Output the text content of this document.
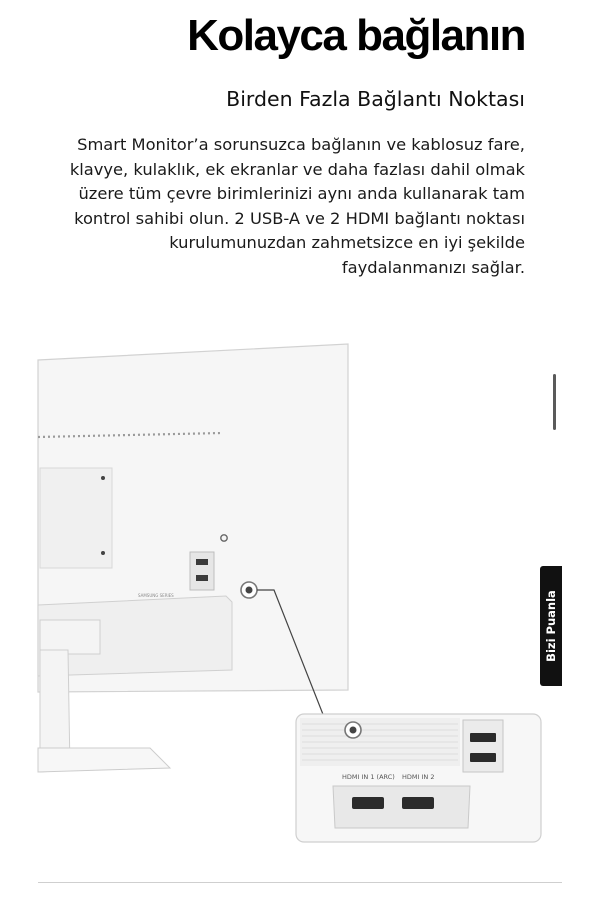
Kolayca bağlanın
Birden Fazla Bağlantı Noktası
Smart Monitor’a sorunsuzca bağlanın ve kablosuz fare, klavye, kulaklık, ek ekranlar ve daha fazlası dahil olmak üzere tüm çevre birimlerinizi aynı anda kullanarak tam kontrol sahibi olun. 2 USB-A ve 2 HDMI bağlantı noktası kurulumunuzdan zahmetsizce en iyi şekilde faydalanmanızı sağlar.
SAMSUNG SERIES
HDMI IN 1 (ARC) HDMI IN 2
Bizi Puanla
